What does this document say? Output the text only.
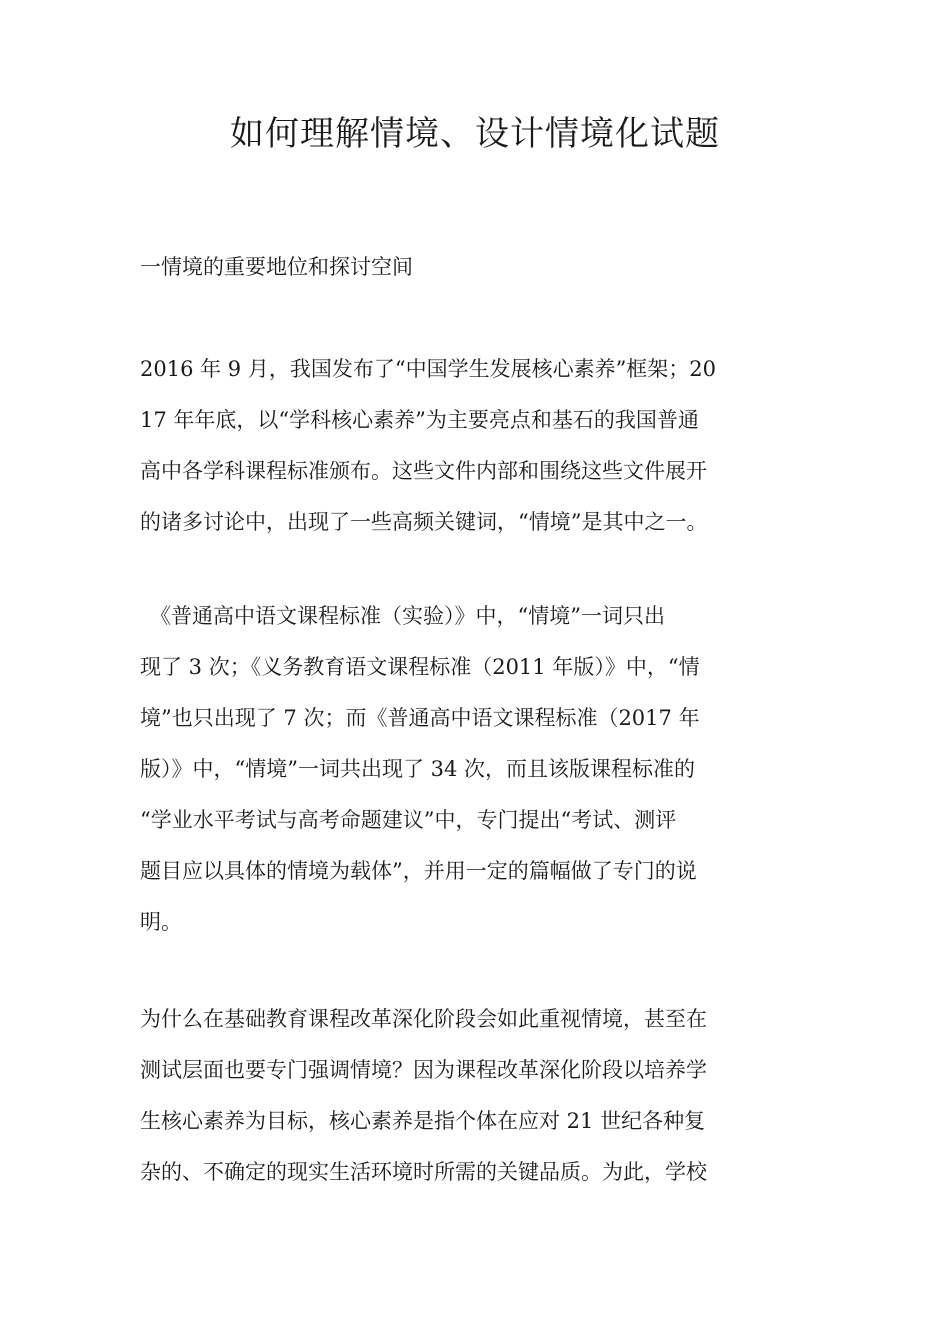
如何理解情境、设计情境化试题
一情境的重要地位和探讨空间

2016 年 9 月，我国发布了“中国学生发展核心素养”框架；20
17 年年底，以“学科核心素养”为主要亮点和基石的我国普通
高中各学科课程标准颁布。这些文件内部和围绕这些文件展开
的诸多讨论中，出现了一些高频关键词，“情境”是其中之一。

《普通高中语文课程标准（实验）》中，“情境”一词只出
现了 3 次；《义务教育语文课程标准（2011 年版）》中，“情
境”也只出现了 7 次；而《普通高中语文课程标准（2017 年
版）》中，“情境”一词共出现了 34 次，而且该版课程标准的
“学业水平考试与高考命题建议”中，专门提出“考试、测评
题目应以具体的情境为载体”，并用一定的篇幅做了专门的说
明。

为什么在基础教育课程改革深化阶段会如此重视情境，甚至在
测试层面也要专门强调情境？因为课程改革深化阶段以培养学
生核心素养为目标，核心素养是指个体在应对 21 世纪各种复
杂的、不确定的现实生活环境时所需的关键品质。为此，学校
